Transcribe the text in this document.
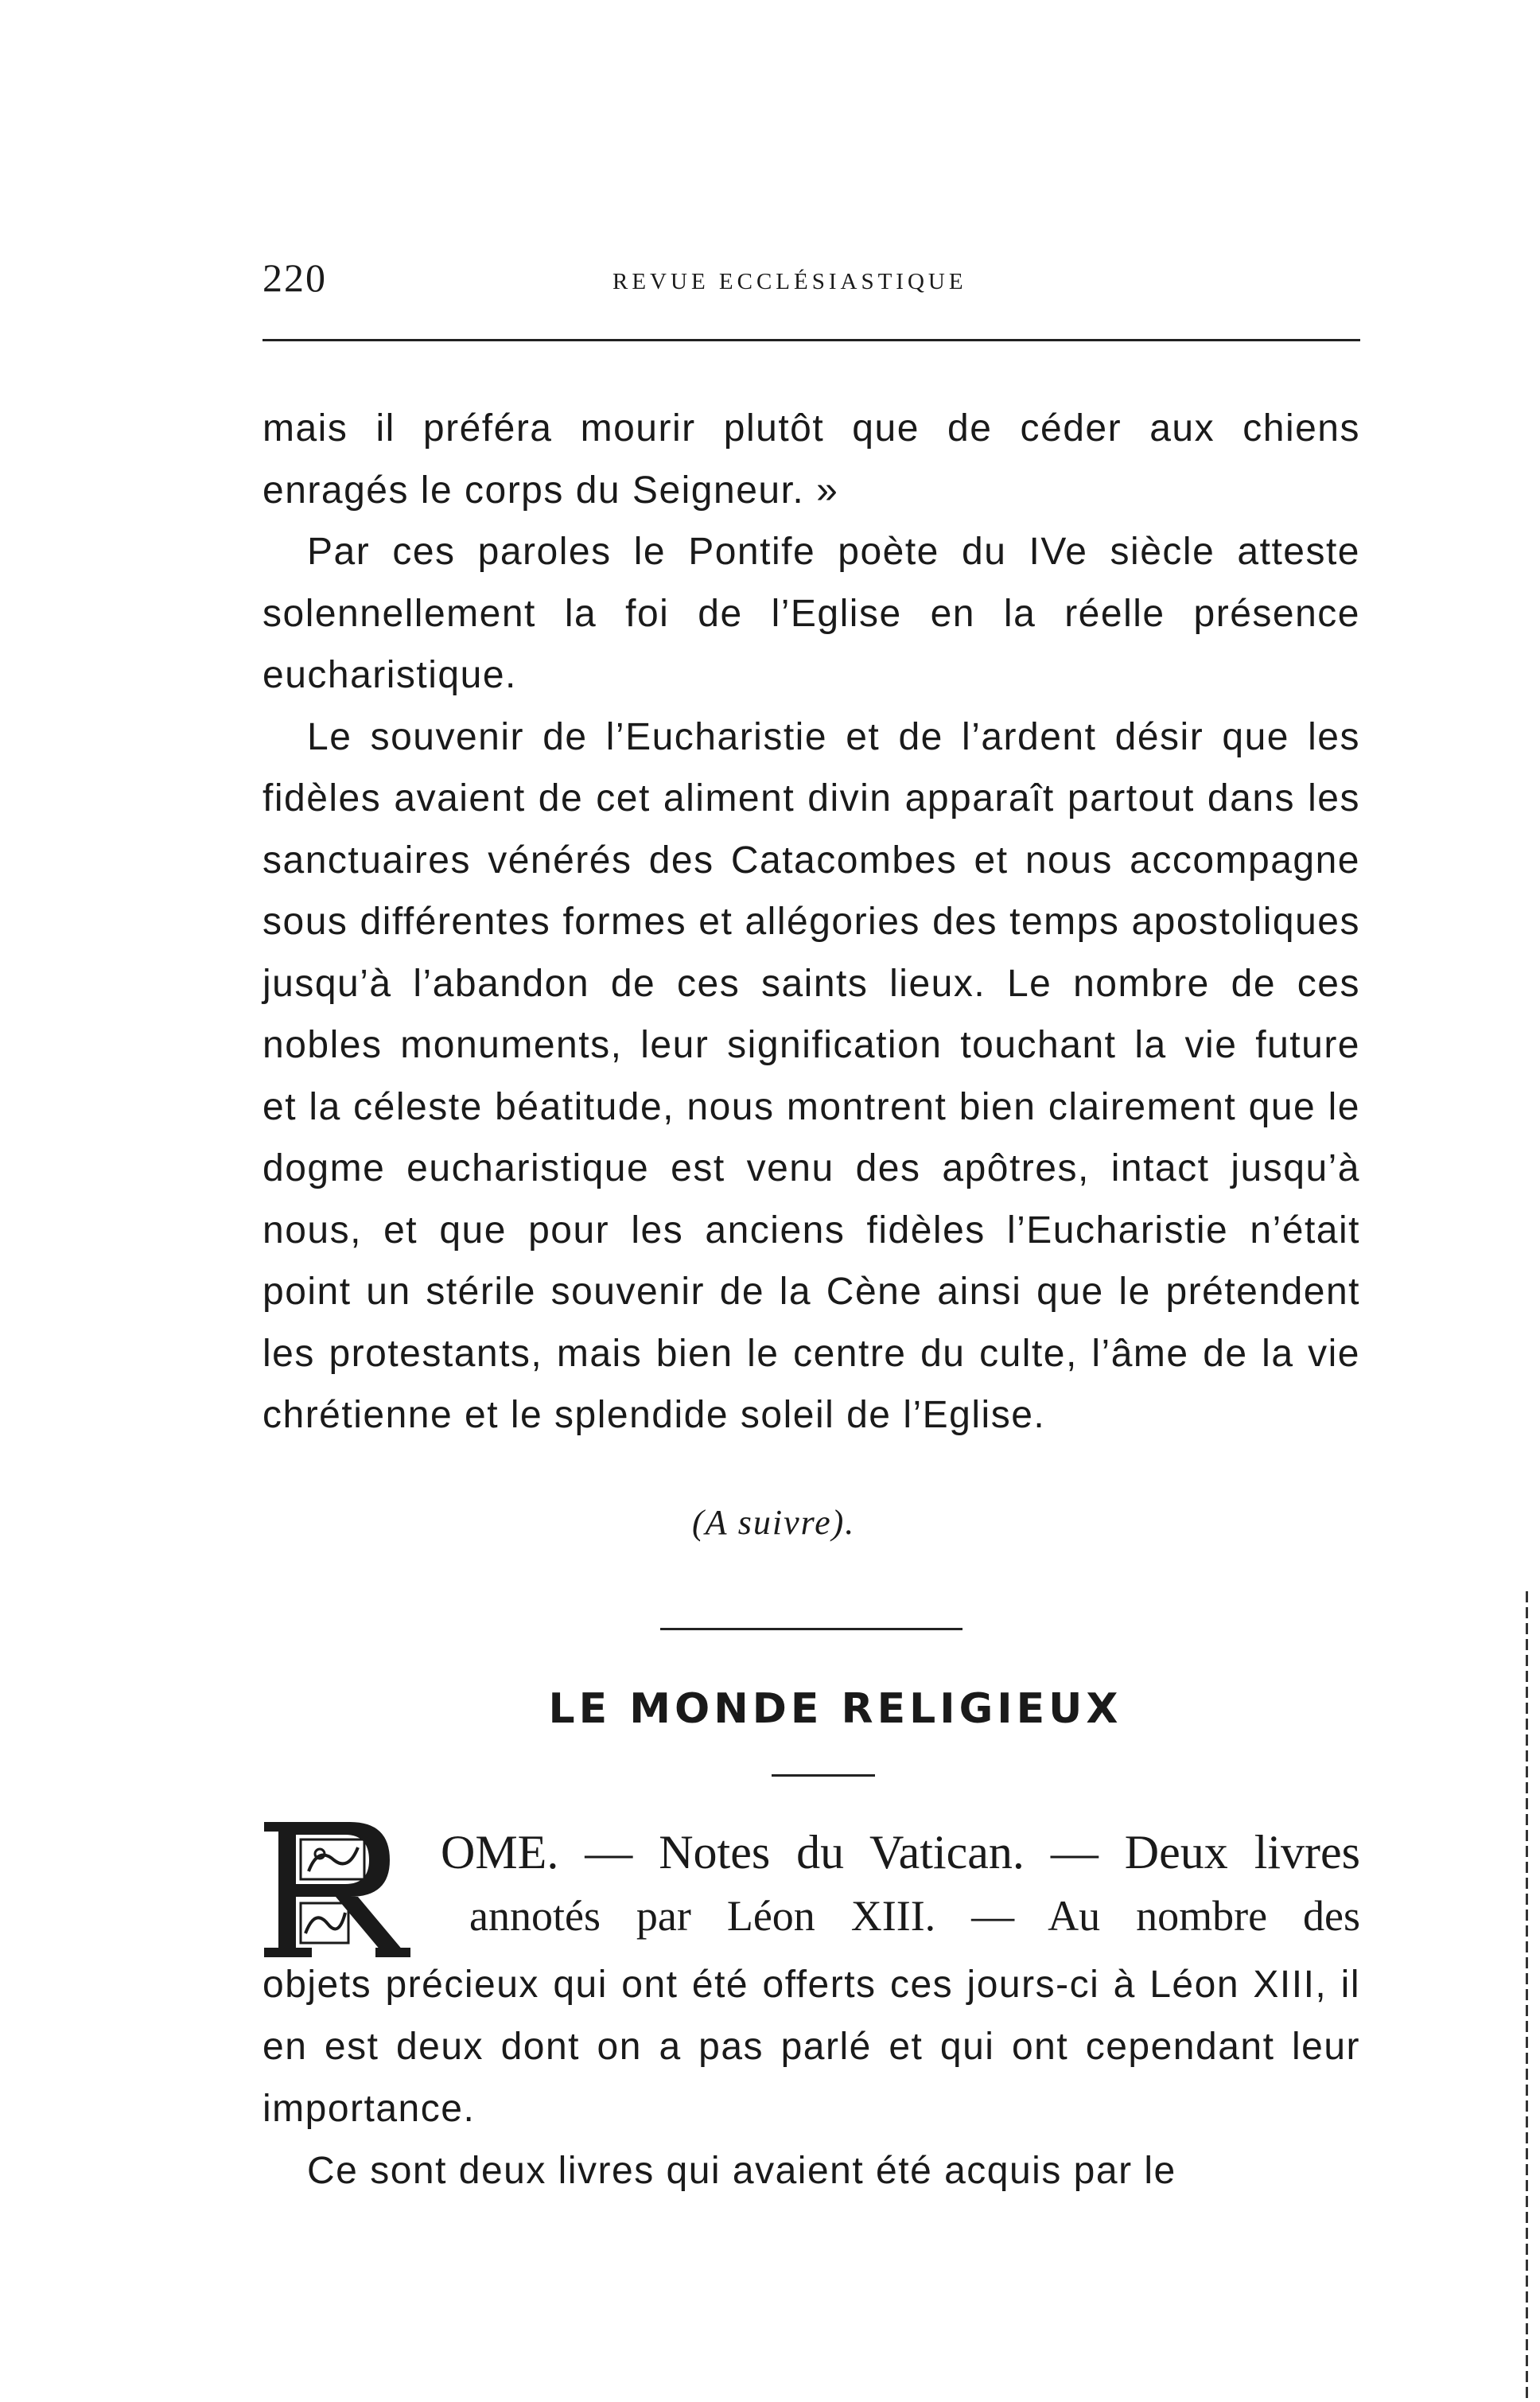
220	REVUE ECCLÉSIASTIQUE

mais il préféra mourir plutôt que de céder aux chiens enragés le corps du Seigneur. »

Par ces paroles le Pontife poète du IVe siècle atteste solennellement la foi de l’Eglise en la réelle présence eucharistique.

Le souvenir de l’Eucharistie et de l’ardent désir que les fidèles avaient de cet aliment divin apparaît partout dans les sanctuaires vénérés des Catacombes et nous accompagne sous différentes formes et allégories des temps apostoliques jusqu’à l’abandon de ces saints lieux. Le nombre de ces nobles monuments, leur signification touchant la vie future et la céleste béatitude, nous montrent bien clairement que le dogme eucharistique est venu des apôtres, intact jusqu’à nous, et que pour les anciens fidèles l’Eucharistie n’était point un stérile souvenir de la Cène ainsi que le prétendent les protestants, mais bien le centre du culte, l’âme de la vie chrétienne et le splendide soleil de l’Eglise.

(A suivre).
LE MONDE RELIGIEUX
OME. — Notes du Vatican. — Deux livres
annotés par Léon XIII. — Au nombre des

objets précieux qui ont été offerts ces jours-ci à Léon XIII, il en est deux dont on a pas parlé et qui ont cependant leur importance.

Ce sont deux livres qui avaient été acquis par le
